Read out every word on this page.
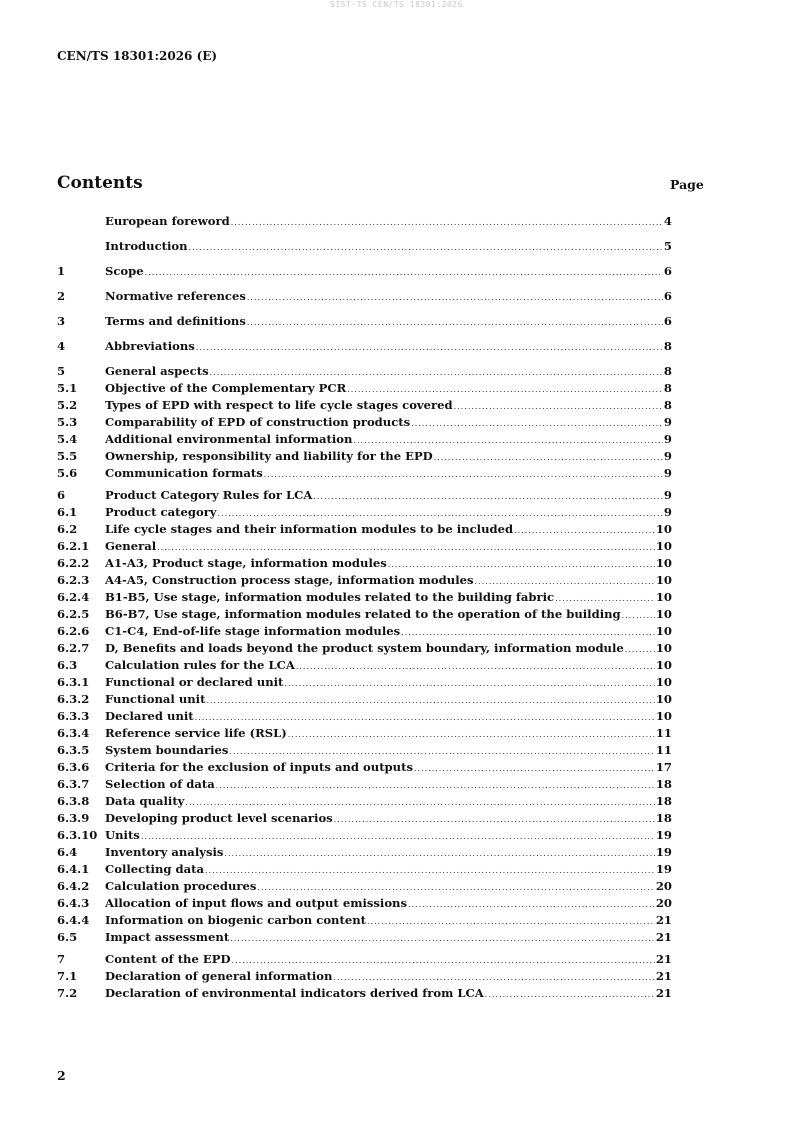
SIST-TS CEN/TS 18301:2026
CEN/TS 18301:2026 (E)
Contents	Page
European foreword .....	4
Introduction .....	5
1	Scope .....	6
2	Normative references .....	6
3	Terms and definitions .....	6
4	Abbreviations .....	8
5	General aspects .....	8
5.1	Objective of the Complementary PCR .....	8
5.2	Types of EPD with respect to life cycle stages covered .....	8
5.3	Comparability of EPD of construction products .....	9
5.4	Additional environmental information .....	9
5.5	Ownership, responsibility and liability for the EPD .....	9
5.6	Communication formats .....	9
6	Product Category Rules for LCA .....	9
6.1	Product category .....	9
6.2	Life cycle stages and their information modules to be included .....	10
6.2.1	General .....	10
6.2.2	A1-A3, Product stage, information modules .....	10
6.2.3	A4-A5, Construction process stage, information modules .....	10
6.2.4	B1-B5, Use stage, information modules related to the building fabric .....	10
6.2.5	B6-B7, Use stage, information modules related to the operation of the building .....	10
6.2.6	C1-C4, End-of-life stage information modules .....	10
6.2.7	D, Benefits and loads beyond the product system boundary, information module .....	10
6.3	Calculation rules for the LCA .....	10
6.3.1	Functional or declared unit .....	10
6.3.2	Functional unit .....	10
6.3.3	Declared unit .....	10
6.3.4	Reference service life (RSL) .....	11
6.3.5	System boundaries .....	11
6.3.6	Criteria for the exclusion of inputs and outputs .....	17
6.3.7	Selection of data .....	18
6.3.8	Data quality .....	18
6.3.9	Developing product level scenarios .....	18
6.3.10 Units .....	19
6.4	Inventory analysis .....	19
6.4.1	Collecting data .....	19
6.4.2	Calculation procedures .....	20
6.4.3	Allocation of input flows and output emissions .....	20
6.4.4	Information on biogenic carbon content .....	21
6.5	Impact assessment .....	21
7	Content of the EPD .....	21
7.1	Declaration of general information .....	21
7.2	Declaration of environmental indicators derived from LCA .....	21
2
